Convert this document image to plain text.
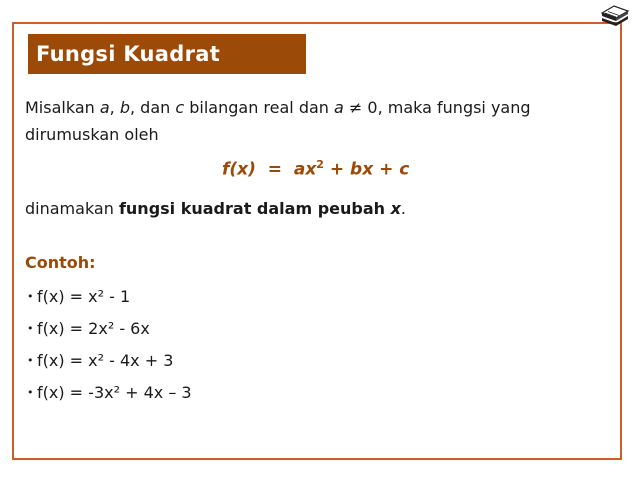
Fungsi Kuadrat
Misalkan a, b, dan c bilangan real dan a ≠ 0, maka fungsi yang dirumuskan oleh
$f(x) = ax^2$ + bx + c
dinamakan fungsi kuadrat dalam peubah x.
Contoh:
• f(x) = x² - 1
• f(x) = 2x² - 6x
• f(x) = x² - 4x + 3
• f(x) = -3x² + 4x – 3
